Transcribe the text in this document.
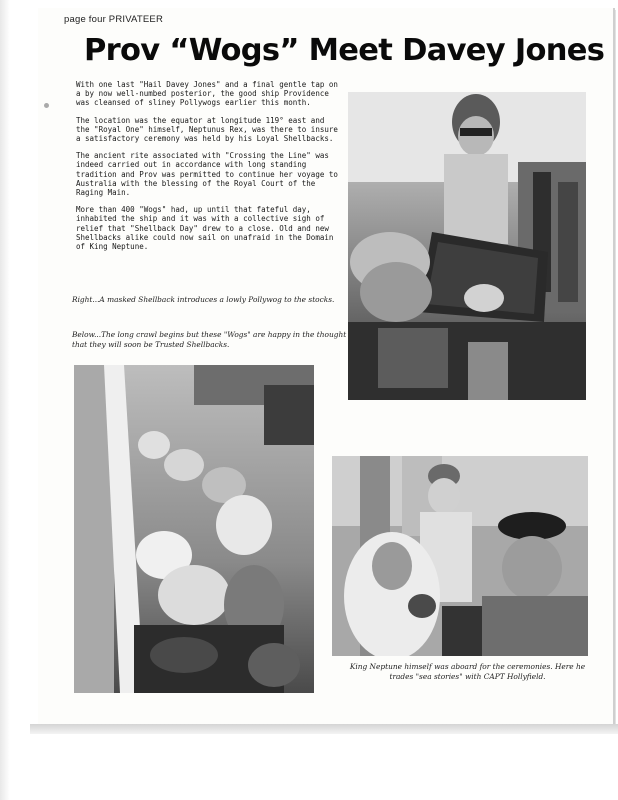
page four PRIVATEER
Prov “Wogs” Meet Davey Jones

With one last "Hail Davey Jones" and a final gentle tap on a by now well-numbed posterior, the good ship Providence was cleansed of sliney Pollywogs earlier this month.

The location was the equator at longitude 119° east and the "Royal One" himself, Neptunus Rex, was there to insure a satisfactory ceremony was held by his Loyal Shellbacks.

The ancient rite associated with "Crossing the Line" was indeed carried out in accordance with long standing tradition and Prov was permitted to continue her voyage to Australia with the blessing of the Royal Court of the Raging Main.

More than 400 "Wogs" had, up until that fateful day, inhabited the ship and it was with a collective sigh of relief that "Shellback Day" drew to a close. Old and new Shellbacks alike could now sail on unafraid in the Domain of King Neptune.

Right...A masked Shellback introduces a lowly Pollywog to the stocks.
Below...The long crawl begins but these "Wogs" are happy in the thought that they will soon be Trusted Shellbacks.
King Neptune himself was aboard for the ceremonies. Here he trades "sea stories" with CAPT Hollyfield.
